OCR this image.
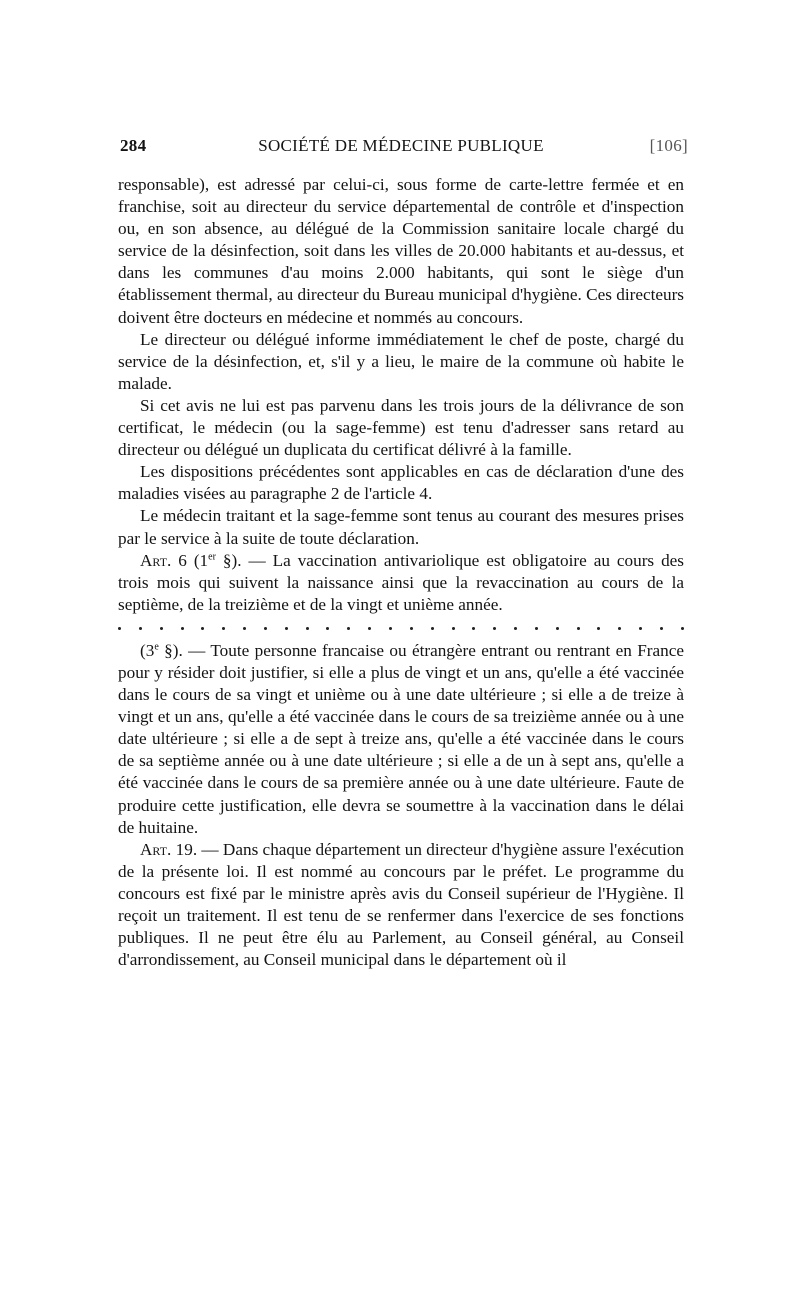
284	SOCIÉTÉ DE MÉDECINE PUBLIQUE	[106]

responsable), est adressé par celui-ci, sous forme de carte-lettre fermée et en franchise, soit au directeur du service départemental de contrôle et d'inspection ou, en son absence, au délégué de la Commission sanitaire locale chargé du service de la désinfection, soit dans les villes de 20.000 habitants et au-dessus, et dans les communes d'au moins 2.000 habitants, qui sont le siège d'un établissement thermal, au directeur du Bureau municipal d'hygiène. Ces directeurs doivent être docteurs en médecine et nommés au concours.

Le directeur ou délégué informe immédiatement le chef de poste, chargé du service de la désinfection, et, s'il y a lieu, le maire de la commune où habite le malade.

Si cet avis ne lui est pas parvenu dans les trois jours de la délivrance de son certificat, le médecin (ou la sage-femme) est tenu d'adresser sans retard au directeur ou délégué un duplicata du certificat délivré à la famille.

Les dispositions précédentes sont applicables en cas de déclaration d'une des maladies visées au paragraphe 2 de l'article 4.

Le médecin traitant et la sage-femme sont tenus au courant des mesures prises par le service à la suite de toute déclaration.

Art. 6 (1er §). — La vaccination antivariolique est obligatoire au cours des trois mois qui suivent la naissance ainsi que la revaccination au cours de la septième, de la treizième et de la vingt et unième année.

(3e §). — Toute personne francaise ou étrangère entrant ou rentrant en France pour y résider doit justifier, si elle a plus de vingt et un ans, qu'elle a été vaccinée dans le cours de sa vingt et unième ou à une date ultérieure ; si elle a de treize à vingt et un ans, qu'elle a été vaccinée dans le cours de sa treizième année ou à une date ultérieure ; si elle a de sept à treize ans, qu'elle a été vaccinée dans le cours de sa septième année ou à une date ultérieure ; si elle a de un à sept ans, qu'elle a été vaccinée dans le cours de sa première année ou à une date ultérieure. Faute de produire cette justification, elle devra se soumettre à la vaccination dans le délai de huitaine.

Art. 19. — Dans chaque département un directeur d'hygiène assure l'exécution de la présente loi. Il est nommé au concours par le préfet. Le programme du concours est fixé par le ministre après avis du Conseil supérieur de l'Hygiène. Il reçoit un traitement. Il est tenu de se renfermer dans l'exercice de ses fonctions publiques. Il ne peut être élu au Parlement, au Conseil général, au Conseil d'arrondissement, au Conseil municipal dans le département où il
